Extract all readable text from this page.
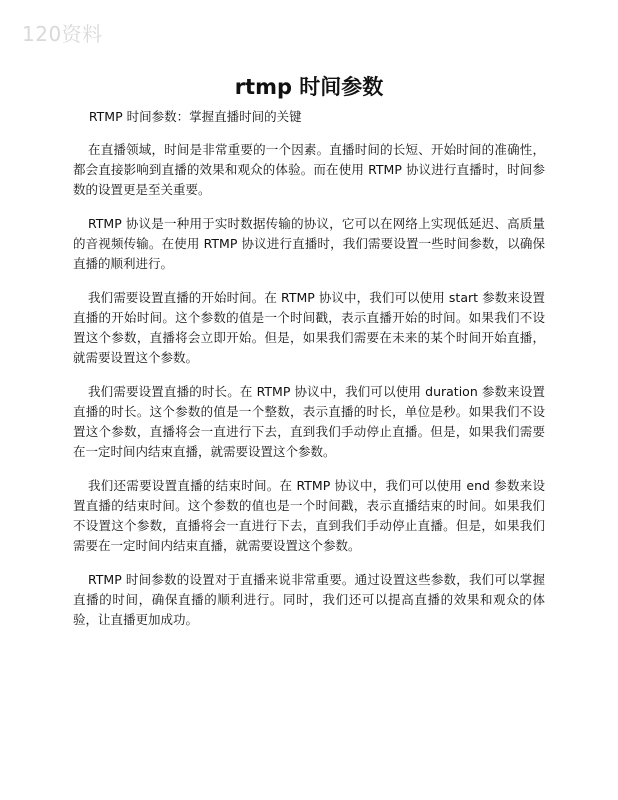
120资料
rtmp 时间参数

RTMP 时间参数：掌握直播时间的关键

在直播领域，时间是非常重要的一个因素。直播时间的长短、开始时间的准确性，都会直接影响到直播的效果和观众的体验。而在使用 RTMP 协议进行直播时，时间参数的设置更是至关重要。

RTMP 协议是一种用于实时数据传输的协议，它可以在网络上实现低延迟、高质量的音视频传输。在使用 RTMP 协议进行直播时，我们需要设置一些时间参数，以确保直播的顺利进行。

我们需要设置直播的开始时间。在 RTMP 协议中，我们可以使用 start 参数来设置直播的开始时间。这个参数的值是一个时间戳，表示直播开始的时间。如果我们不设置这个参数，直播将会立即开始。但是，如果我们需要在未来的某个时间开始直播，就需要设置这个参数。

我们需要设置直播的时长。在 RTMP 协议中，我们可以使用 duration 参数来设置直播的时长。这个参数的值是一个整数，表示直播的时长，单位是秒。如果我们不设置这个参数，直播将会一直进行下去，直到我们手动停止直播。但是，如果我们需要在一定时间内结束直播，就需要设置这个参数。

我们还需要设置直播的结束时间。在 RTMP 协议中，我们可以使用 end 参数来设置直播的结束时间。这个参数的值也是一个时间戳，表示直播结束的时间。如果我们不设置这个参数，直播将会一直进行下去，直到我们手动停止直播。但是，如果我们需要在一定时间内结束直播，就需要设置这个参数。

RTMP 时间参数的设置对于直播来说非常重要。通过设置这些参数，我们可以掌握直播的时间，确保直播的顺利进行。同时，我们还可以提高直播的效果和观众的体验，让直播更加成功。
